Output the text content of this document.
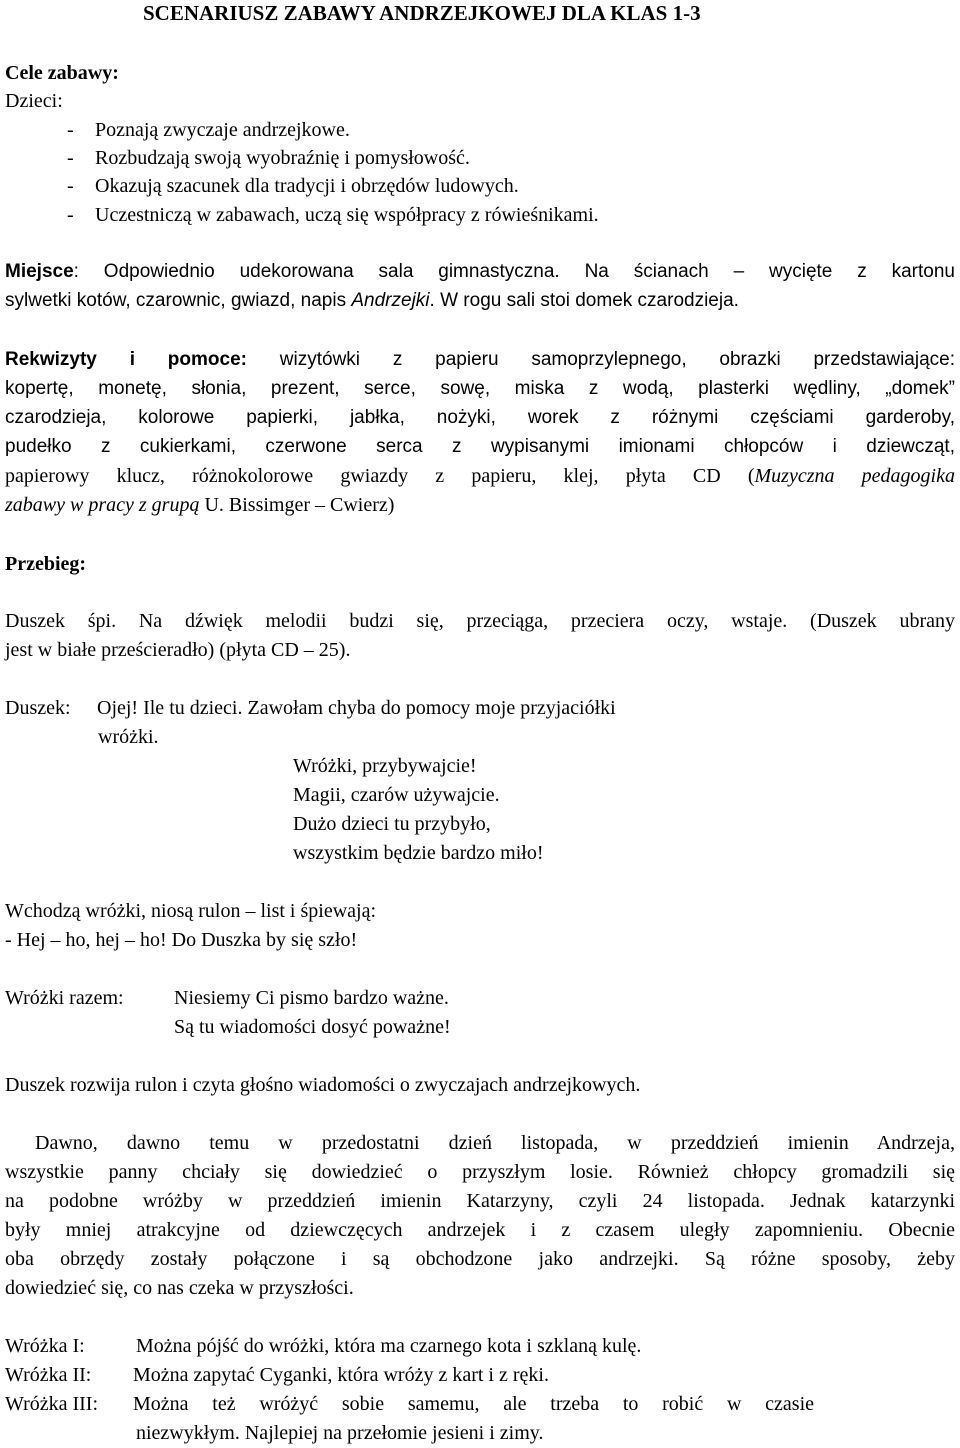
SCENARIUSZ ZABAWY ANDRZEJKOWEJ DLA KLAS 1-3
Cele zabawy:
Dzieci:
- Poznają zwyczaje andrzejkowe.
- Rozbudzają swoją wyobraźnię i pomysłowość.
- Okazują szacunek dla tradycji i obrzędów ludowych.
- Uczestniczą w zabawach, uczą się współpracy z rówieśnikami.
Miejsce: Odpowiednio udekorowana sala gimnastyczna. Na ścianach – wycięte z kartonu
sylwetki kotów, czarownic, gwiazd, napis Andrzejki. W rogu sali stoi domek czarodzieja.
Rekwizyty i pomoce: wizytówki z papieru samoprzylepnego, obrazki przedstawiające:
kopertę, monetę, słonia, prezent, serce, sowę, miska z wodą, plasterki wędliny, „domek”
czarodzieja, kolorowe papierki, jabłka, nożyki, worek z różnymi częściami garderoby,
pudełko z cukierkami, czerwone serca z wypisanymi imionami chłopców i dziewcząt,
papierowy klucz, różnokolorowe gwiazdy z papieru, klej, płyta CD (Muzyczna pedagogika
zabawy w pracy z grupą U. Bissimger – Cwierz)
Przebieg:
Duszek śpi. Na dźwięk melodii budzi się, przeciąga, przeciera oczy, wstaje. (Duszek ubrany
jest w białe prześcieradło) (płyta CD – 25).
Duszek: Ojej! Ile tu dzieci. Zawołam chyba do pomocy moje przyjaciółki
wróżki.
Wróżki, przybywajcie!
Magii, czarów używajcie.
Dużo dzieci tu przybyło,
wszystkim będzie bardzo miło!
Wchodzą wróżki, niosą rulon – list i śpiewają:
- Hej – ho, hej – ho! Do Duszka by się szło!
Wróżki razem:	Niesiemy Ci pismo bardzo ważne.
Są tu wiadomości dosyć poważne!
Duszek rozwija rulon i czyta głośno wiadomości o zwyczajach andrzejkowych.
Dawno, dawno temu w przedostatni dzień listopada, w przeddzień imienin Andrzeja,
wszystkie panny chciały się dowiedzieć o przyszłym losie. Również chłopcy gromadzili się
na podobne wróżby w przeddzień imienin Katarzyny, czyli 24 listopada. Jednak katarzynki
były mniej atrakcyjne od dziewczęcych andrzejek i z czasem uległy zapomnieniu. Obecnie
oba obrzędy zostały połączone i są obchodzone jako andrzejki. Są różne sposoby, żeby
dowiedzieć się, co nas czeka w przyszłości.
Wróżka I:	Można pójść do wróżki, która ma czarnego kota i szklaną kulę.
Wróżka II: Można zapytać Cyganki, która wróży z kart i z ręki.
Wróżka III: Można też wróżyć sobie samemu, ale trzeba to robić w czasie
niezwykłym. Najlepiej na przełomie jesieni i zimy.
